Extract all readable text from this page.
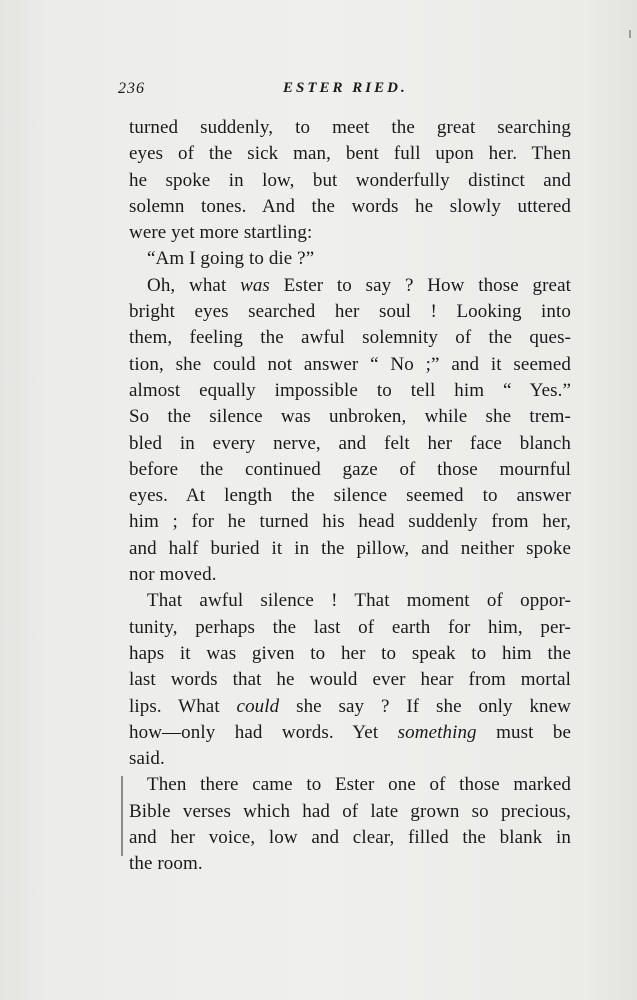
236	ESTER RIED.
turned suddenly, to meet the great searching
eyes of the sick man, bent full upon her. Then
he spoke in low, but wonderfully distinct and
solemn tones. And the words he slowly uttered
were yet more startling:
“Am I going to die ?”
Oh, what was Ester to say ? How those great
bright eyes searched her soul ! Looking into
them, feeling the awful solemnity of the ques-
tion, she could not answer “ No ;” and it seemed
almost equally impossible to tell him “ Yes.”
So the silence was unbroken, while she trem-
bled in every nerve, and felt her face blanch
before the continued gaze of those mournful
eyes. At length the silence seemed to answer
him ; for he turned his head suddenly from her,
and half buried it in the pillow, and neither spoke
nor moved.
That awful silence ! That moment of oppor-
tunity, perhaps the last of earth for him, per-
haps it was given to her to speak to him the
last words that he would ever hear from mortal
lips. What could she say ? If she only knew
how—only had words. Yet something must be
said.
Then there came to Ester one of those marked
Bible verses which had of late grown so precious,
and her voice, low and clear, filled the blank in
the room.
